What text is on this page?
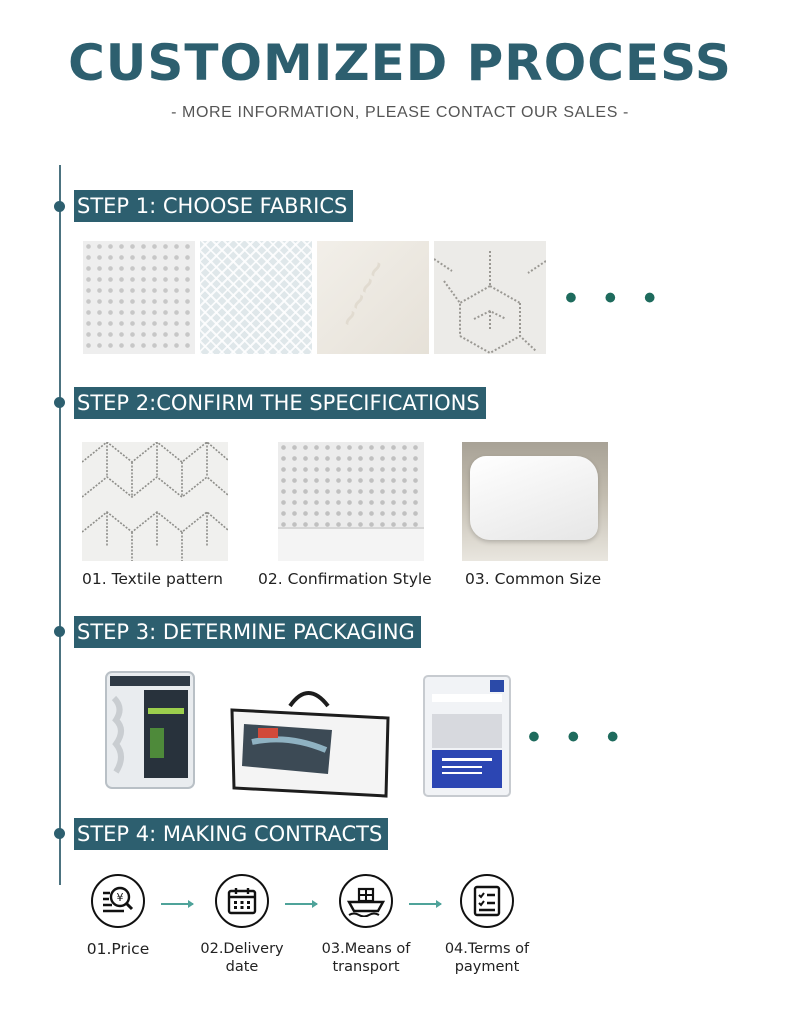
CUSTOMIZED PROCESS
- MORE INFORMATION, PLEASE CONTACT OUR SALES -
STEP 1: CHOOSE FABRICS
~~~~	• • •
STEP 2:CONFIRM THE SPECIFICATIONS
01. Textile pattern 02. Confirmation Style 03. Common Size
STEP 3: DETERMINE PACKAGING
• • •
STEP 4: MAKING CONTRACTS
¥
01.Price	02.Delivery
date
03.Means of
transport
04.Terms of
payment
